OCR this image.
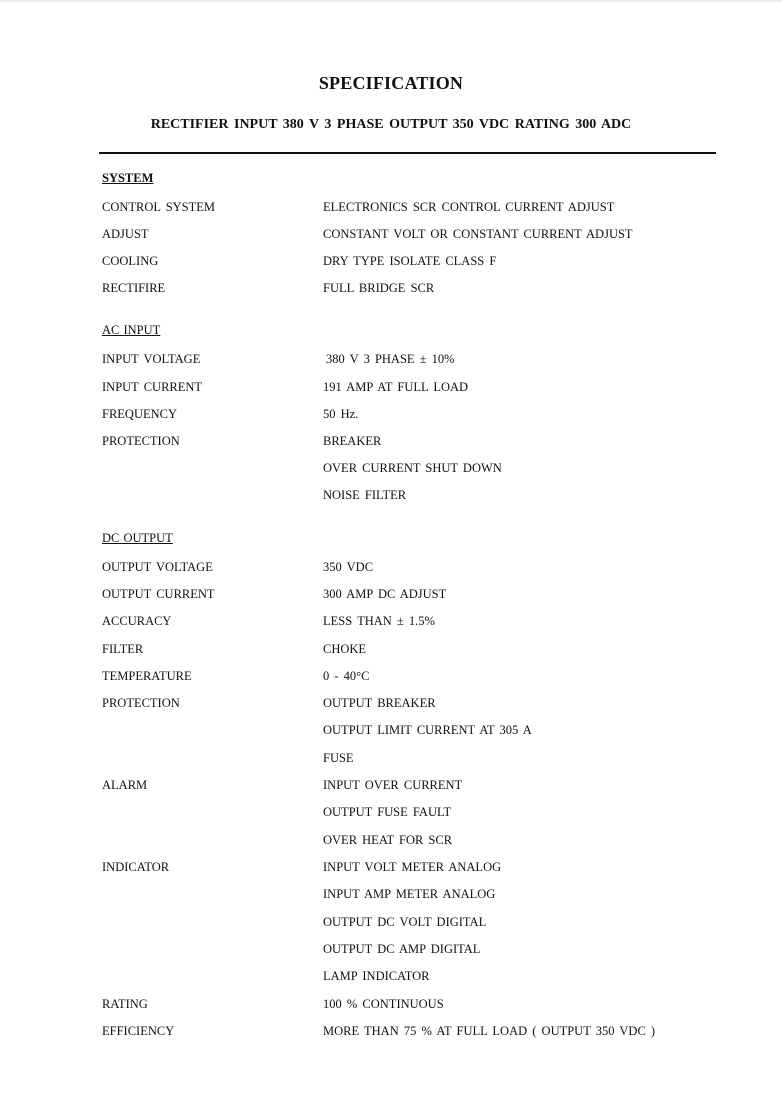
SPECIFICATION
RECTIFIER INPUT 380 V 3 PHASE OUTPUT 350 VDC RATING 300 ADC
SYSTEM
CONTROL SYSTEM	ELECTRONICS SCR CONTROL CURRENT ADJUST
ADJUST	CONSTANT VOLT OR CONSTANT CURRENT ADJUST
COOLING	DRY TYPE ISOLATE CLASS F
RECTIFIRE	FULL BRIDGE SCR
AC INPUT
INPUT VOLTAGE	380 V 3 PHASE ± 10%
INPUT CURRENT	191 AMP AT FULL LOAD
FREQUENCY	50 Hz.
PROTECTION	BREAKER
OVER CURRENT SHUT DOWN
NOISE FILTER
DC OUTPUT
OUTPUT VOLTAGE	350 VDC
OUTPUT CURRENT	300 AMP DC ADJUST
ACCURACY	LESS THAN ± 1.5%
FILTER	CHOKE
TEMPERATURE	0 - 40°C
PROTECTION	OUTPUT BREAKER
OUTPUT LIMIT CURRENT AT 305 A
FUSE
ALARM	INPUT OVER CURRENT
OUTPUT FUSE FAULT
OVER HEAT FOR SCR
INDICATOR	INPUT VOLT METER ANALOG
INPUT AMP METER ANALOG
OUTPUT DC VOLT DIGITAL
OUTPUT DC AMP DIGITAL
LAMP INDICATOR
RATING	100 % CONTINUOUS
EFFICIENCY	MORE THAN 75 % AT FULL LOAD ( OUTPUT 350 VDC )
